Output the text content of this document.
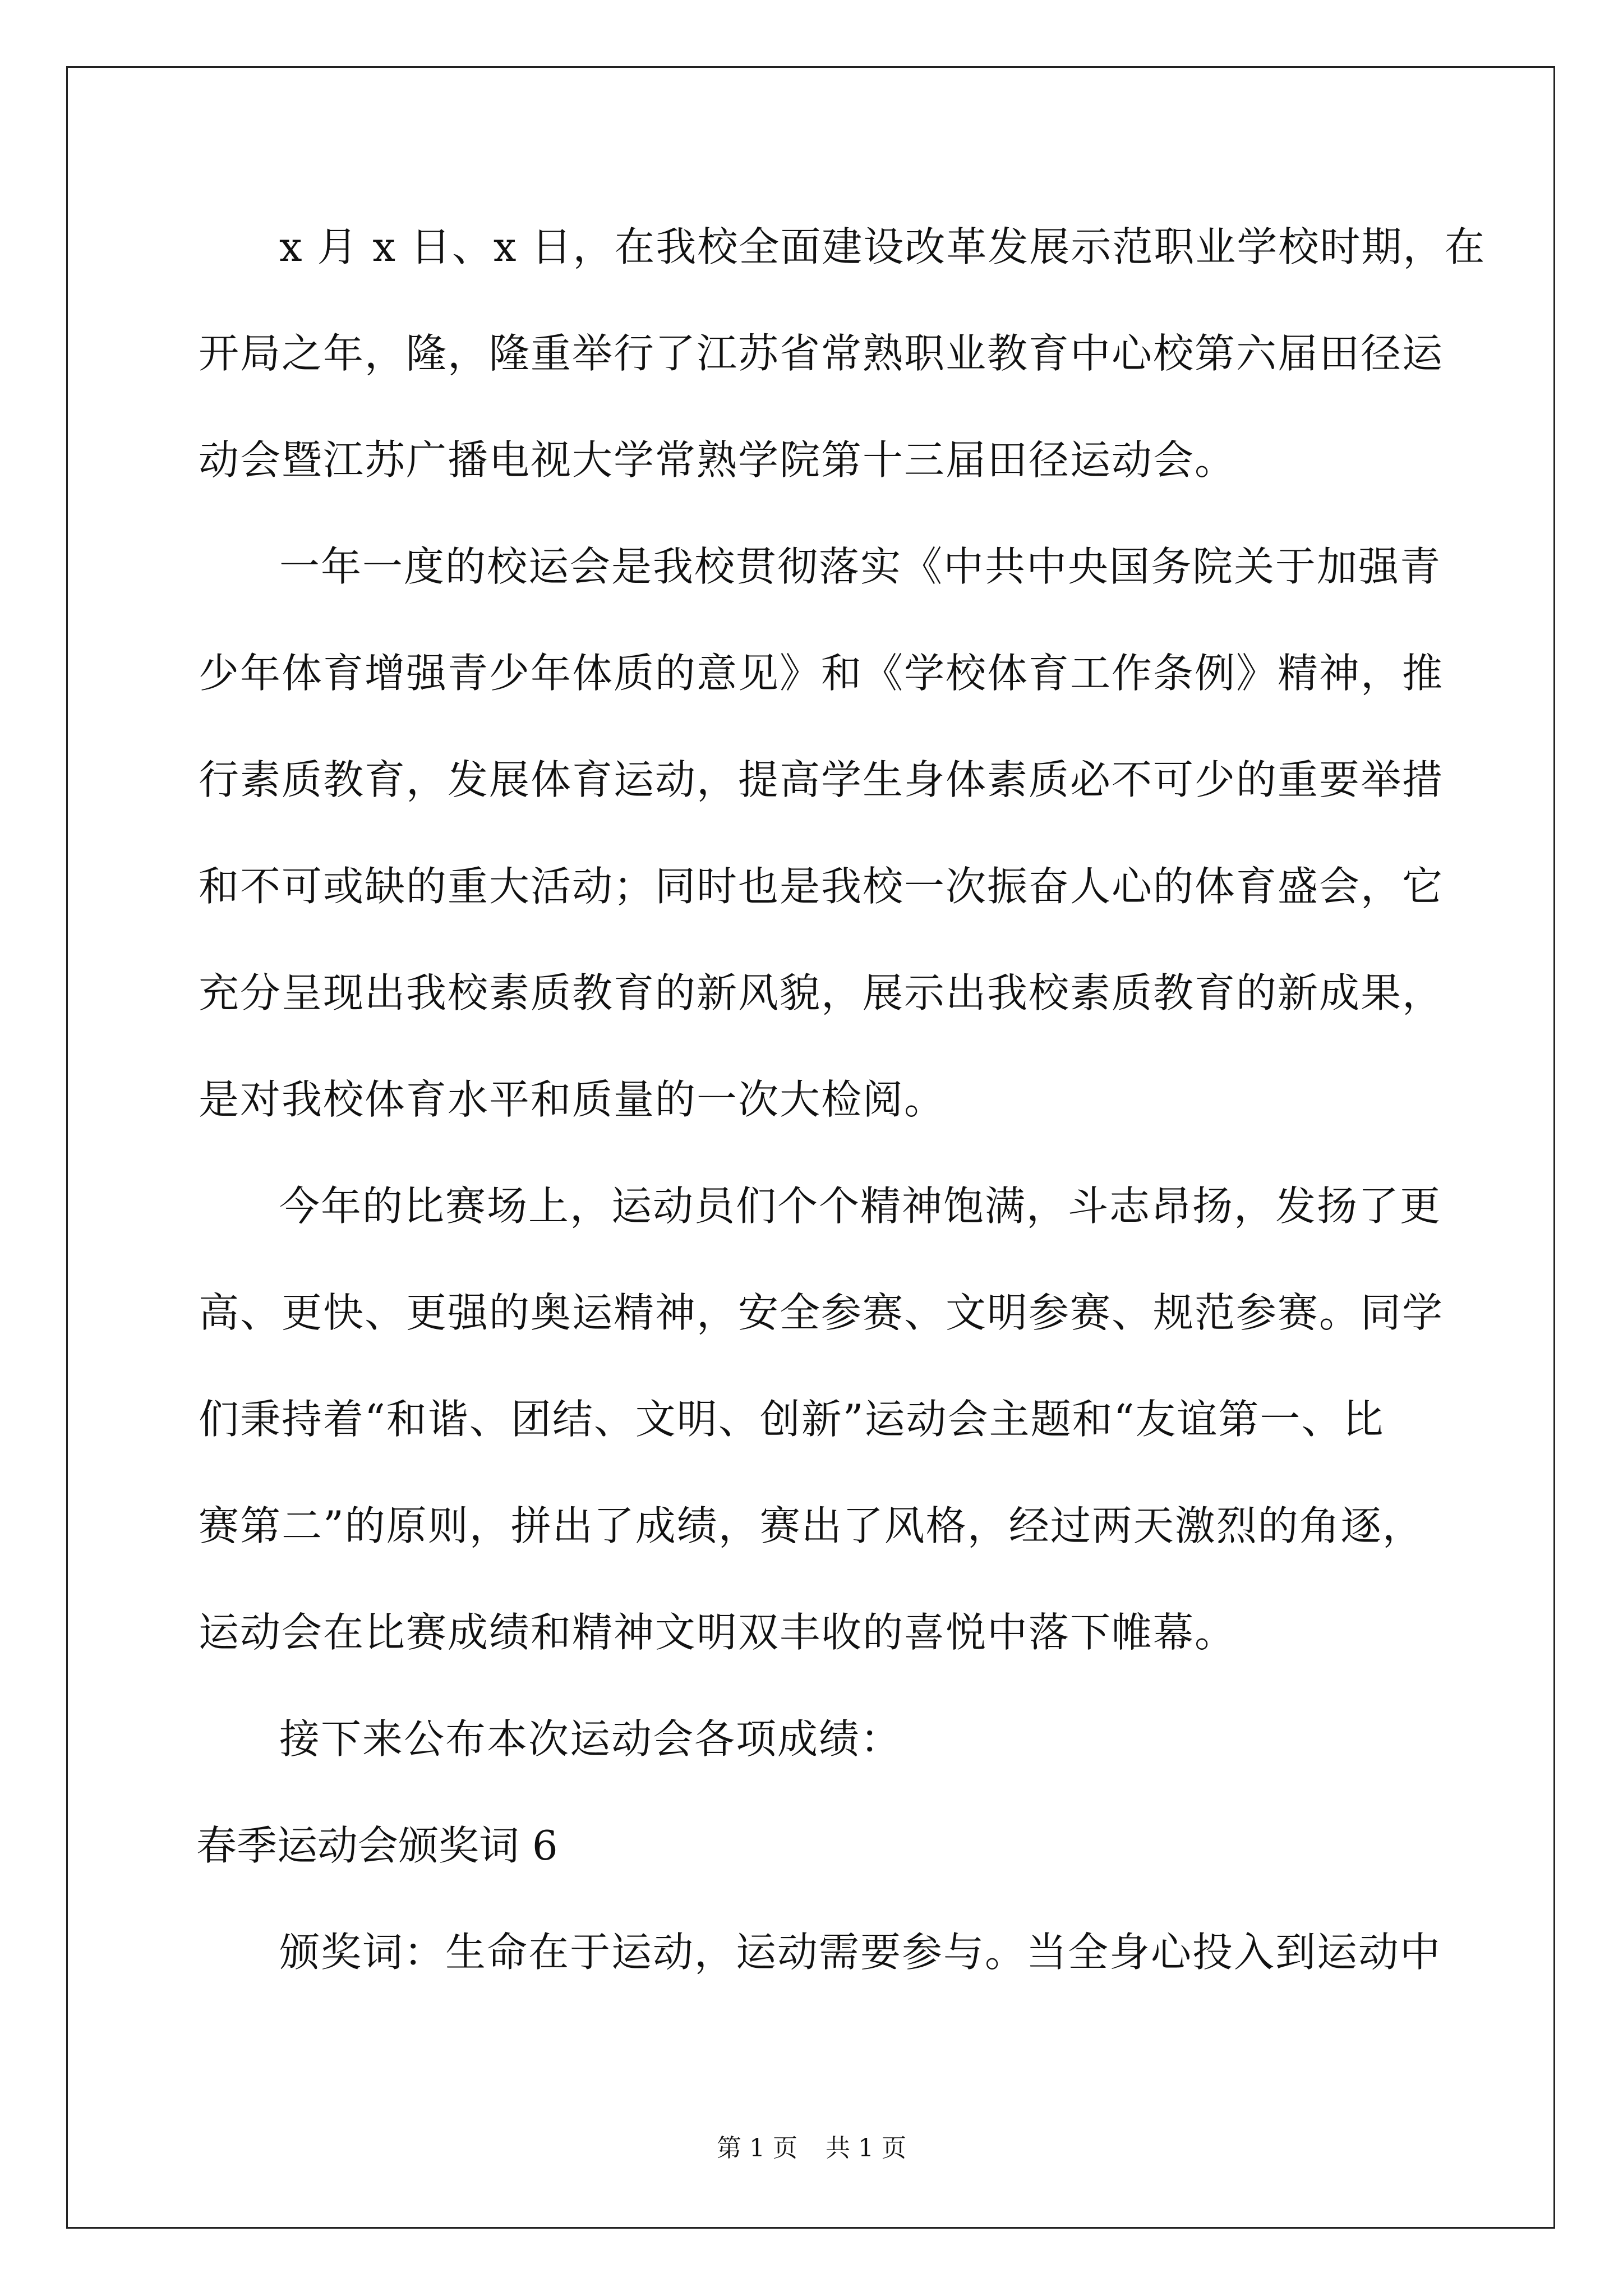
x 月 x 日、x 日，在我校全面建设改革发展示范职业学校时期，在
开局之年，隆，隆重举行了江苏省常熟职业教育中心校第六届田径运
动会暨江苏广播电视大学常熟学院第十三届田径运动会。
一年一度的校运会是我校贯彻落实《中共中央国务院关于加强青
少年体育增强青少年体质的意见》和《学校体育工作条例》精神，推
行素质教育，发展体育运动，提高学生身体素质必不可少的重要举措
和不可或缺的重大活动；同时也是我校一次振奋人心的体育盛会，它
充分呈现出我校素质教育的新风貌，展示出我校素质教育的新成果，
是对我校体育水平和质量的一次大检阅。
今年的比赛场上，运动员们个个精神饱满，斗志昂扬，发扬了更
高、更快、更强的奥运精神，安全参赛、文明参赛、规范参赛。同学
们秉持着“和谐、团结、文明、创新”运动会主题和“友谊第一、比
赛第二”的原则，拼出了成绩，赛出了风格，经过两天激烈的角逐，
运动会在比赛成绩和精神文明双丰收的喜悦中落下帷幕。
接下来公布本次运动会各项成绩：
春季运动会颁奖词 6
颁奖词：生命在于运动，运动需要参与。当全身心投入到运动中
第 1 页 共 1 页
